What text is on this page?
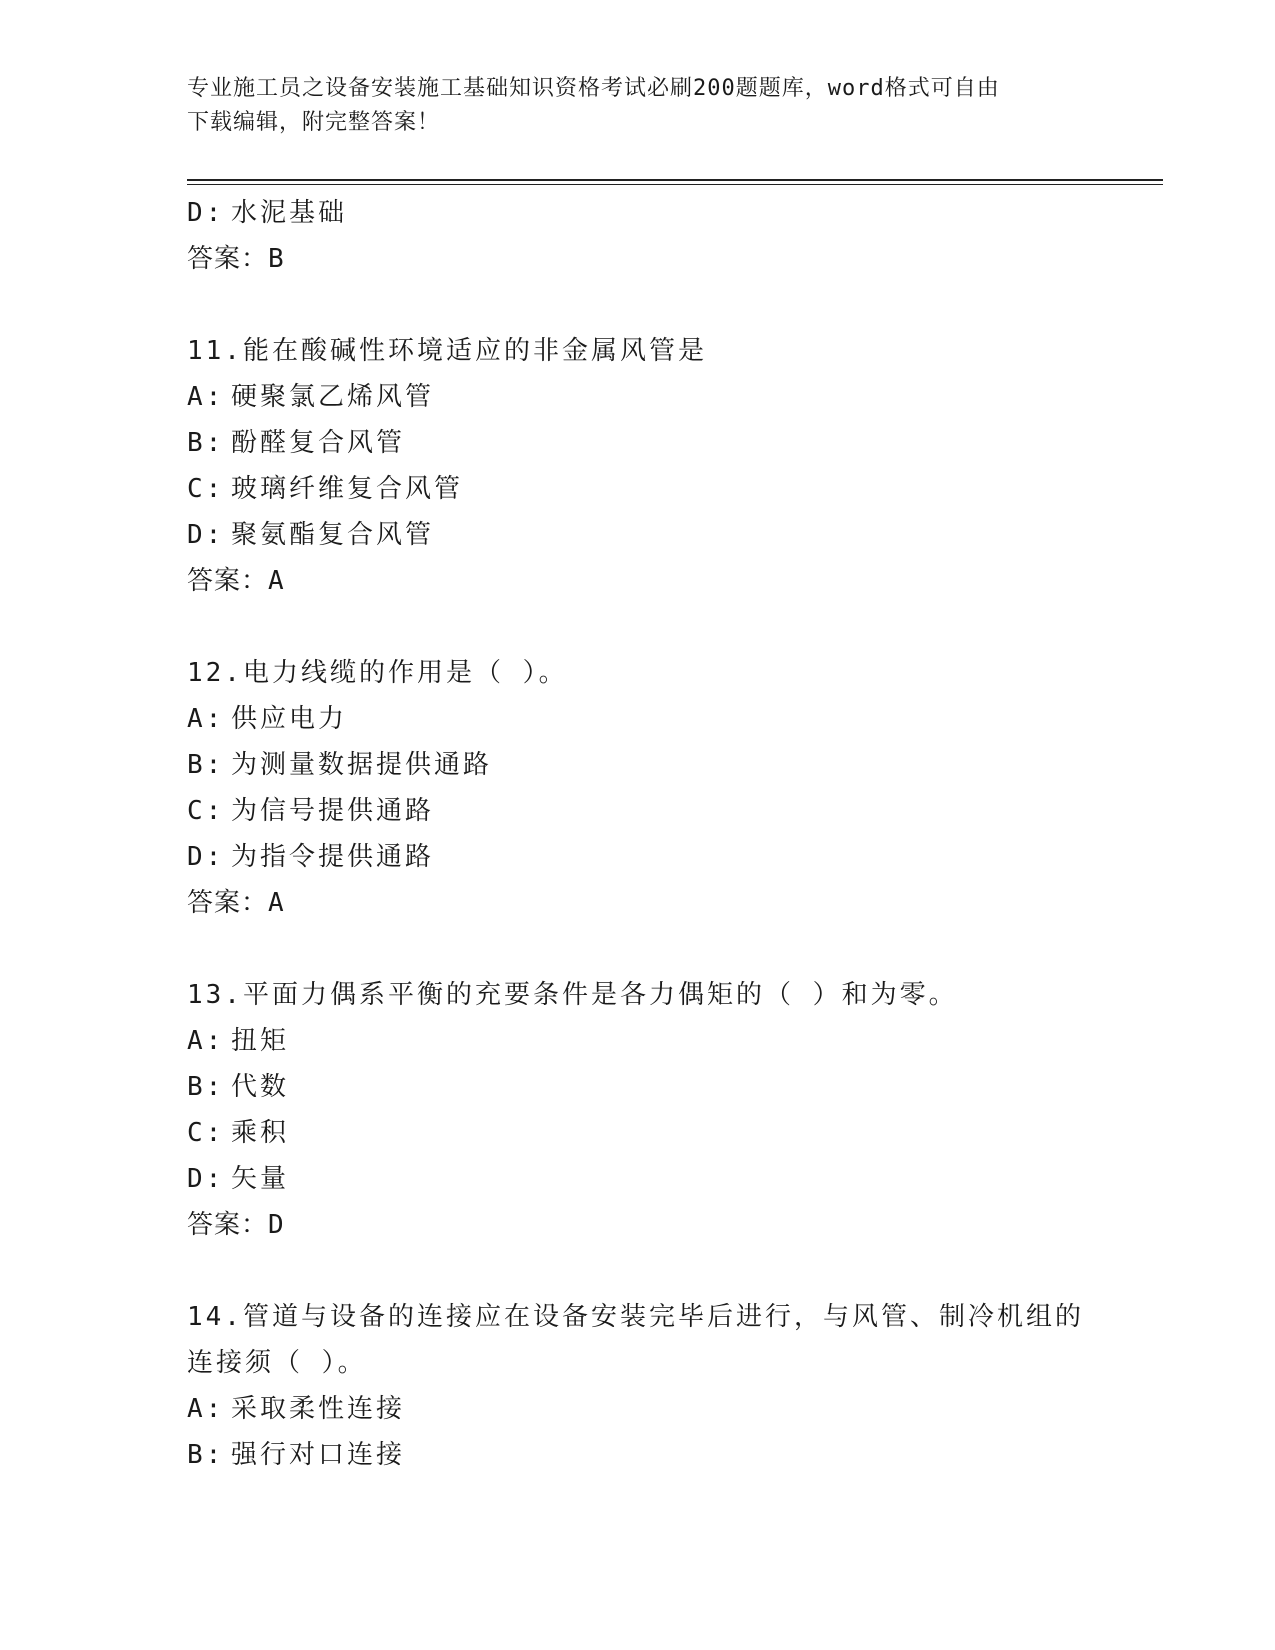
专业施工员之设备安装施工基础知识资格考试必刷200题题库，word格式可自由
下载编辑，附完整答案！
D: 水泥基础
答案：B
11.能在酸碱性环境适应的非金属风管是
A: 硬聚氯乙烯风管
B: 酚醛复合风管
C: 玻璃纤维复合风管
D: 聚氨酯复合风管
答案：A
12.电力线缆的作用是（ ）。
A: 供应电力
B: 为测量数据提供通路
C: 为信号提供通路
D: 为指令提供通路
答案：A
13.平面力偶系平衡的充要条件是各力偶矩的（ ）和为零。
A: 扭矩
B: 代数
C: 乘积
D: 矢量
答案：D
14.管道与设备的连接应在设备安装完毕后进行，与风管、制冷机组的
连接须（ ）。
A: 采取柔性连接
B: 强行对口连接
